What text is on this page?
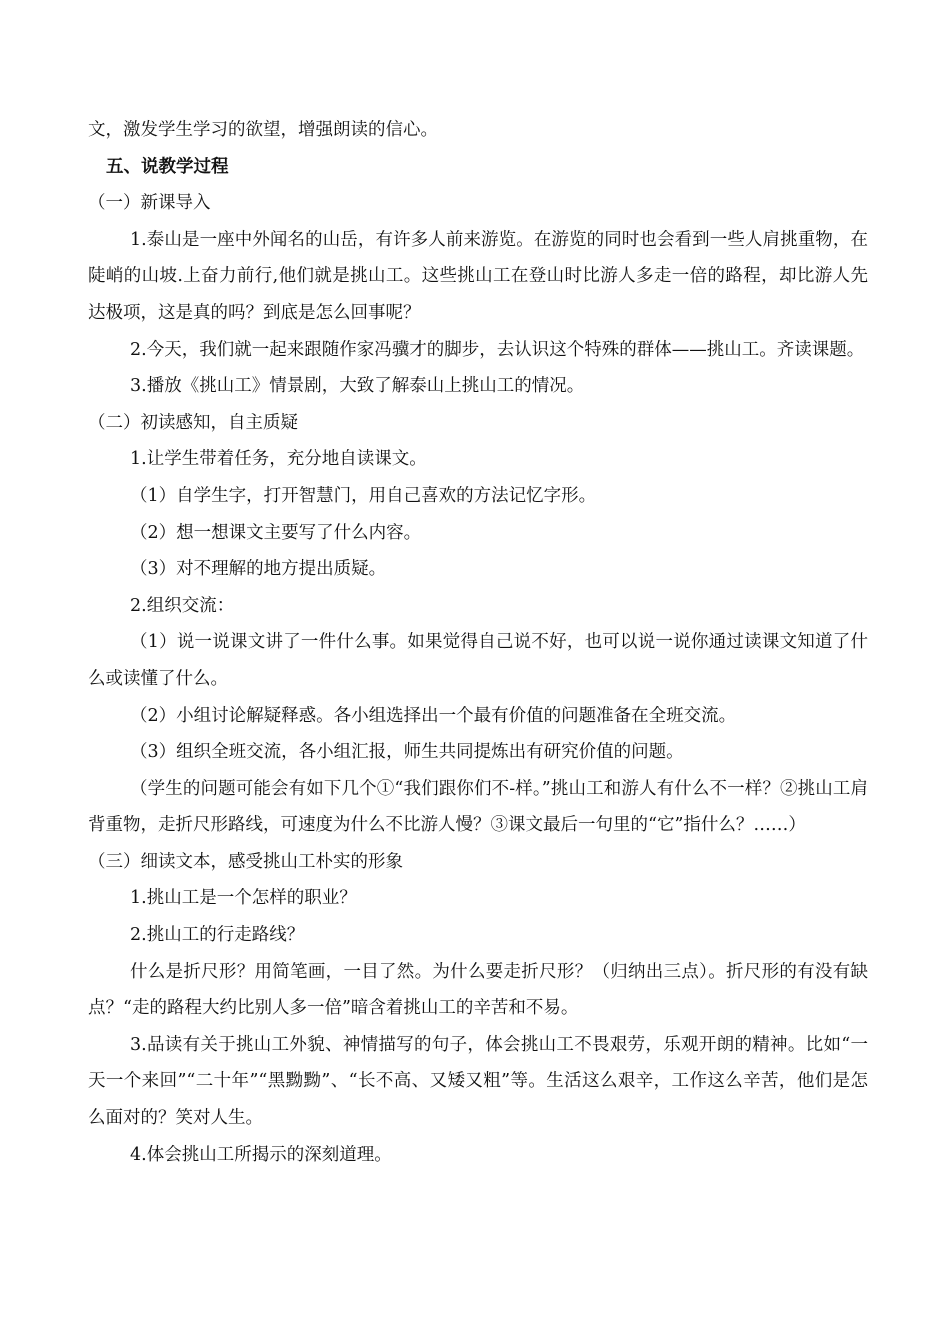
文，激发学生学习的欲望，增强朗读的信心。

五、说教学过程

（一）新课导入

1.泰山是一座中外闻名的山岳，有许多人前来游览。在游览的同时也会看到一些人肩挑重物，在陡峭的山坡.上奋力前行,他们就是挑山工。这些挑山工在登山时比游人多走一倍的路程，却比游人先达极项，这是真的吗？到底是怎么回事呢？

2.今天，我们就一起来跟随作家冯骥才的脚步，去认识这个特殊的群体——挑山工。齐读课题。

3.播放《挑山工》情景剧，大致了解泰山上挑山工的情况。

（二）初读感知，自主质疑

1.让学生带着任务，充分地自读课文。

（1）自学生字，打开智慧门，用自己喜欢的方法记忆字形。

（2）想一想课文主要写了什么内容。

（3）对不理解的地方提出质疑。

2.组织交流：

（1）说一说课文讲了一件什么事。如果觉得自己说不好，也可以说一说你通过读课文知道了什么或读懂了什么。

（2）小组讨论解疑释惑。各小组选择出一个最有价值的问题准备在全班交流。

（3）组织全班交流，各小组汇报，师生共同提炼出有研究价值的问题。

（学生的问题可能会有如下几个①“我们跟你们不-样。”挑山工和游人有什么不一样？②挑山工肩背重物，走折尺形路线，可速度为什么不比游人慢？③课文最后一句里的“它”指什么？……）

（三）细读文本，感受挑山工朴实的形象

1.挑山工是一个怎样的职业？

2.挑山工的行走路线？

什么是折尺形？用简笔画，一目了然。为什么要走折尺形？（归纳出三点）。折尺形的有没有缺点？“走的路程大约比别人多一倍”暗含着挑山工的辛苦和不易。

3.品读有关于挑山工外貌、神情描写的句子，体会挑山工不畏艰劳，乐观开朗的精神。比如“一天一个来回”“二十年”“黑黝黝”、“长不高、又矮又粗”等。生活这么艰辛，工作这么辛苦，他们是怎么面对的？笑对人生。

4.体会挑山工所揭示的深刻道理。
